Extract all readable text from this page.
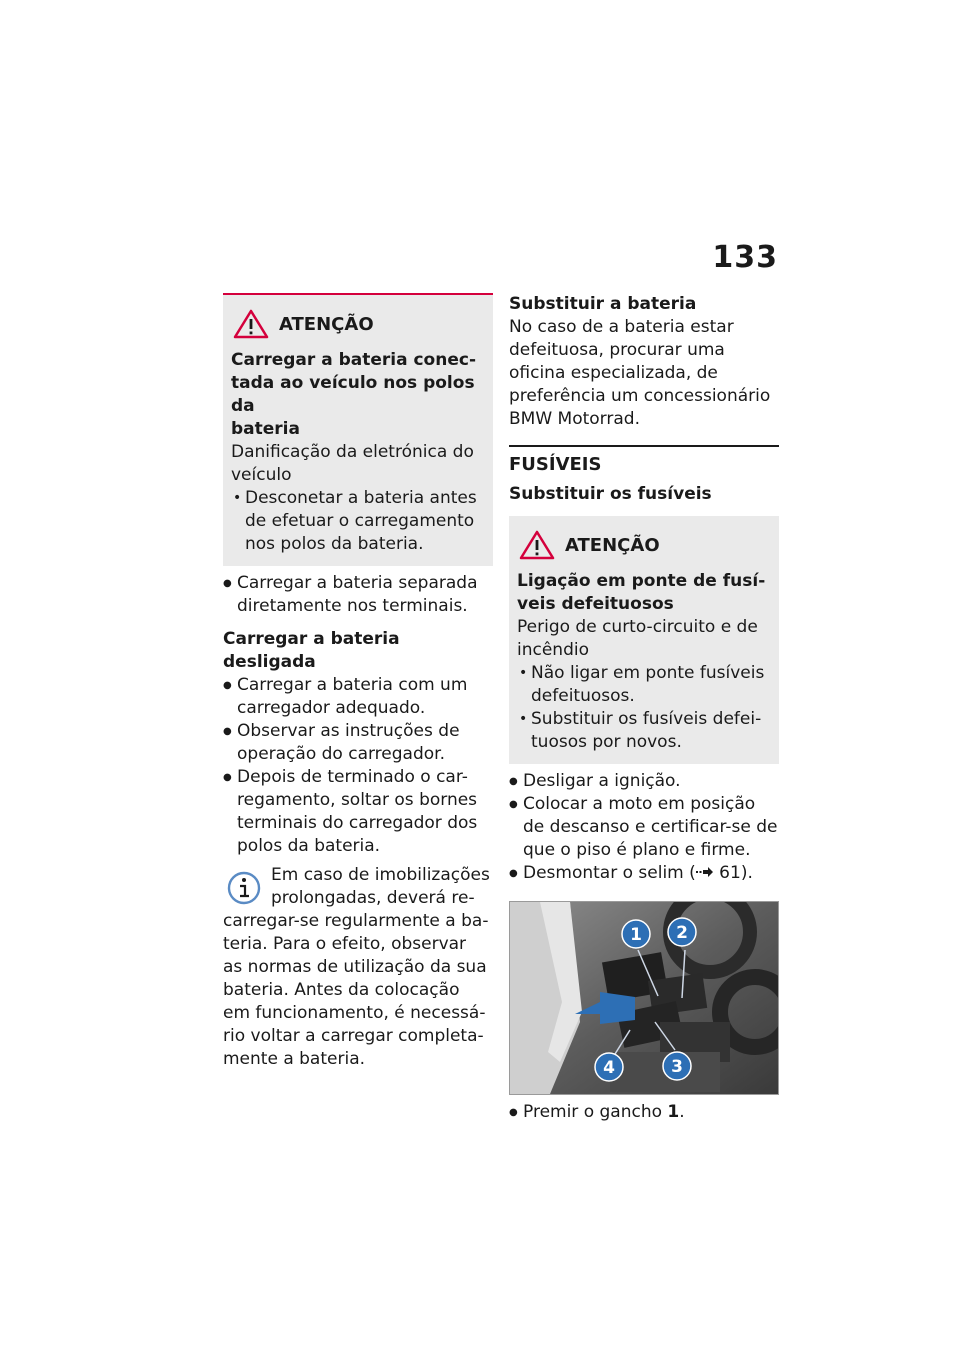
133
ATENÇÃO

Carregar a bateria conec-
tada ao veículo nos polos da
bateria

Danificação da eletrónica do
veículo

• Desconetar a bateria antes
de efetuar o carregamento
nos polos da bateria.
● Carregar a bateria separada
diretamente nos terminais.
Carregar a bateria desligada
● Carregar a bateria com um
carregador adequado.
● Observar as instruções de
operação do carregador.
● Depois de terminado o car-
regamento, soltar os bornes
terminais do carregador dos
polos da bateria.

Em caso de imobilizações
prolongadas, deverá re-
carregar-se regularmente a ba-
teria. Para o efeito, observar
as normas de utilização da sua
bateria. Antes da colocação
em funcionamento, é necessá-
rio voltar a carregar completa-
mente a bateria.

Substituir a bateria

No caso de a bateria estar
defeituosa, procurar uma
oficina especializada, de
preferência um concessionário
BMW Motorrad.

FUSÍVEIS
Substituir os fusíveis
ATENÇÃO

Ligação em ponte de fusí-
veis defeituosos

Perigo de curto-circuito e de
incêndio

• Não ligar em ponte fusíveis
defeituosos.
• Substituir os fusíveis defei-
tuosos por novos.
● Desligar a ignição.
● Colocar a moto em posição
de descanso e certificar-se de
que o piso é plano e firme.
● Desmontar o selim ( 61).
1 2
3
4
● Premir o gancho 1.
